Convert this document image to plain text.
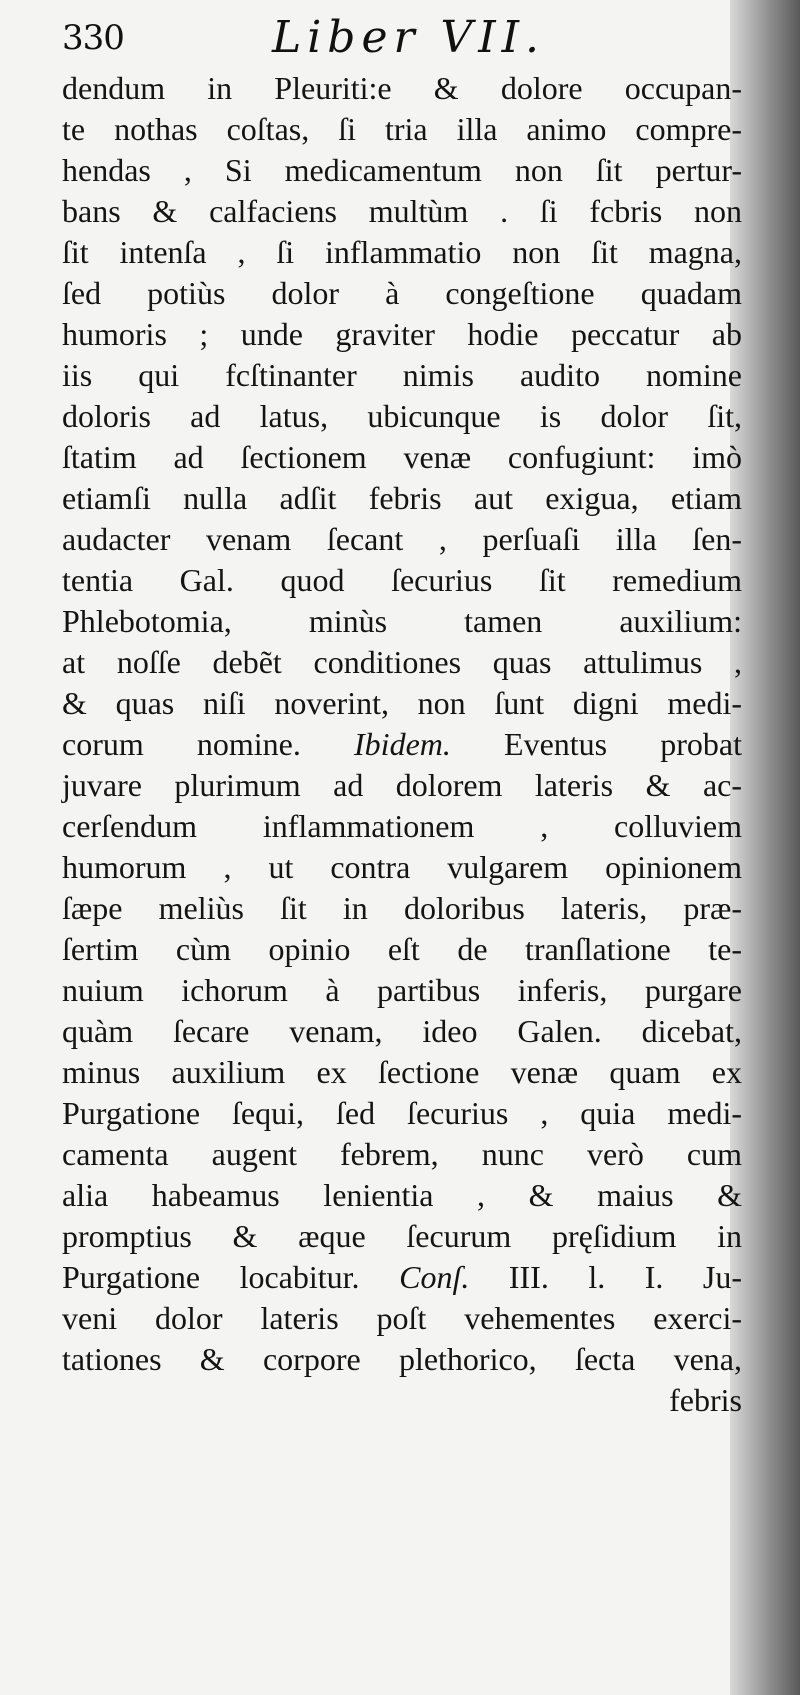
330	Liber VII.
dendum in Pleuriti:e & dolore occupan-
te nothas coſtas, ſi tria illa animo compre-
hendas , Si medicamentum non ſit pertur-
bans & calfaciens multùm . ſi fcbris non
ſit intenſa , ſi inflammatio non ſit magna,
ſed potiùs dolor à congeſtione quadam
humoris ; unde graviter hodie peccatur ab
iis qui fcſtinanter nimis audito nomine
doloris ad latus, ubicunque is dolor ſit,
ſtatim ad ſectionem venæ confugiunt: imò
etiamſi nulla adſit febris aut exigua, etiam
audacter venam ſecant , perſuaſi illa ſen-
tentia Gal. quod ſecurius ſit remedium
Phlebotomia, minùs tamen auxilium:
at noſſe debẽt conditiones quas attulimus ,
& quas niſi noverint, non ſunt digni medi-
corum nomine. Ibidem. Eventus probat
juvare plurimum ad dolorem lateris & ac-
cerſendum inflammationem , colluviem
humorum , ut contra vulgarem opinionem
ſæpe meliùs ſit in doloribus lateris, præ-
ſertim cùm opinio eſt de tranſlatione te-
nuium ichorum à partibus inferis, purgare
quàm ſecare venam, ideo Galen. dicebat,
minus auxilium ex ſectione venæ quam ex
Purgatione ſequi, ſed ſecurius , quia medi-
camenta augent febrem, nunc verò cum
alia habeamus lenientia , & maius &
promptius & æque ſecurum pręſidium in
Purgatione locabitur. Conſ. III. l. I. Ju-
veni dolor lateris poſt vehementes exerci-
tationes & corpore plethorico, ſecta vena,
febris
